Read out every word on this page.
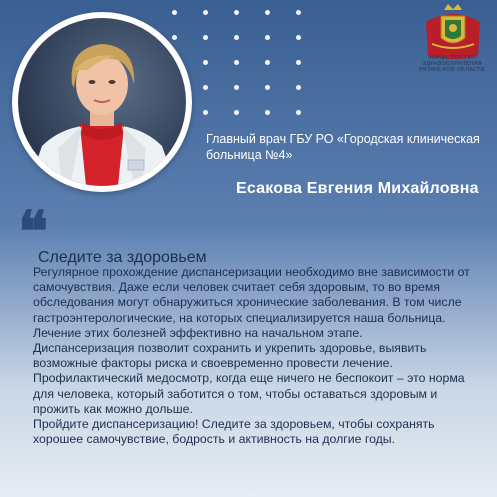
МИНИСТЕРСТВО
ЗДРАВООХРАНЕНИЯ
РЯЗАНСКОЙ ОБЛАСТИ
Главный врач ГБУ РО «Городская клиническая больница №4»
Есакова Евгения Михайловна
❝
Следите за здоровьем

Регулярное прохождение диспансеризации необходимо вне зависимости от самочувствия. Даже если человек считает себя здоровым, то во время обследования могут обнаружиться хронические заболевания. В том числе гастроэнтерологические, на которых специализируется наша больница. Лечение этих болезней эффективно на начальном этапе.

Диспансеризация позволит сохранить и укрепить здоровье, выявить возможные факторы риска и своевременно провести лечение.

Профилактический медосмотр, когда еще ничего не беспокоит – это норма для человека, который заботится о том, чтобы оставаться здоровым и прожить как можно дольше.

Пройдите диспансеризацию! Следите за здоровьем, чтобы сохранять хорошее самочувствие, бодрость и активность на долгие годы.
